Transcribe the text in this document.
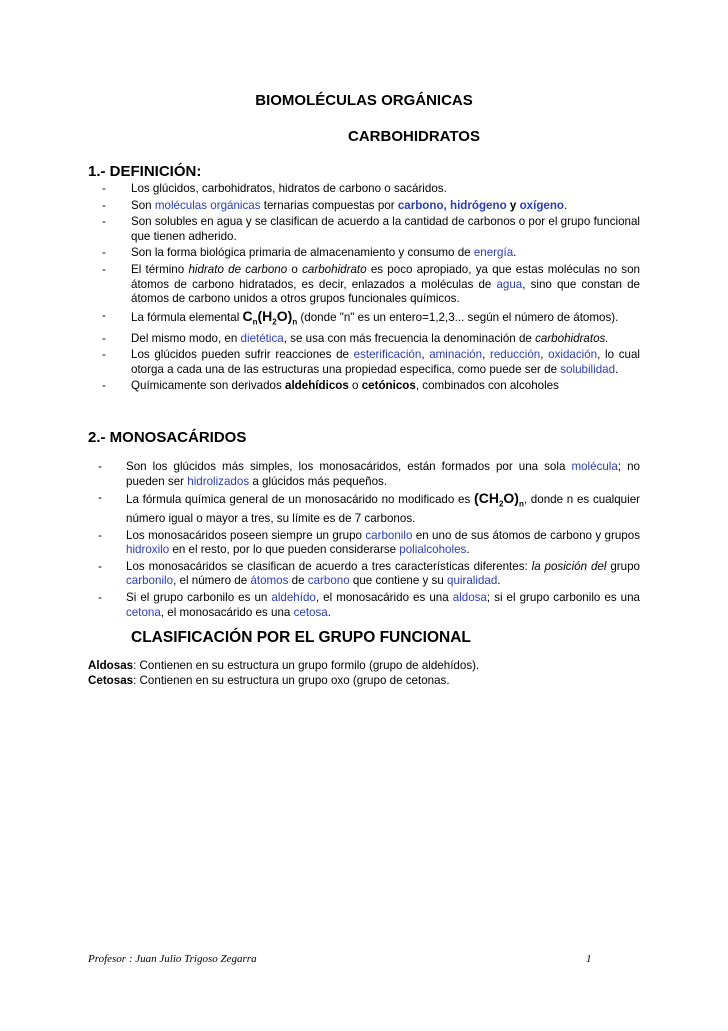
BIOMOLÉCULAS ORGÁNICAS
CARBOHIDRATOS
1.- DEFINICIÓN:
- Los glúcidos, carbohidratos, hidratos de carbono o sacáridos.
- Son moléculas orgánicas ternarias compuestas por carbono, hidrógeno y oxígeno.
- Son solubles en agua y se clasifican de acuerdo a la cantidad de carbonos o por el grupo funcional que tienen adherido.
- Son la forma biológica primaria de almacenamiento y consumo de energía.
- El término hidrato de carbono o carbohidrato es poco apropiado, ya que estas moléculas no son átomos de carbono hidratados, es decir, enlazados a moléculas de agua, sino que constan de átomos de carbono unidos a otros grupos funcionales químicos.
- La fórmula elemental $C_n(H_2O)_n$ (donde "n" es un entero=1,2,3... según el número de átomos).
- Del mismo modo, en dietética, se usa con más frecuencia la denominación de carbohidratos.
- Los glúcidos pueden sufrir reacciones de esterificación, aminación, reducción, oxidación, lo cual otorga a cada una de las estructuras una propiedad especifica, como puede ser de solubilidad.
- Químicamente son derivados aldehídicos o cetónicos, combinados con alcoholes
2.- MONOSACÁRIDOS
- Son los glúcidos más simples, los monosacáridos, están formados por una sola molécula; no pueden ser hidrolizados a glúcidos más pequeños.
- La fórmula química general de un monosacárido no modificado es $(CH_2O)_n$, donde n es cualquier número igual o mayor a tres, su límite es de 7 carbonos.
- Los monosacáridos poseen siempre un grupo carbonilo en uno de sus átomos de carbono y grupos hidroxilo en el resto, por lo que pueden considerarse polialcoholes.
- Los monosacáridos se clasifican de acuerdo a tres características diferentes: la posición del grupo carbonilo, el número de átomos de carbono que contiene y su quiralidad.
- Si el grupo carbonilo es un aldehído, el monosacárido es una aldosa; si el grupo carbonilo es una cetona, el monosacárido es una cetosa.
CLASIFICACIÓN POR EL GRUPO FUNCIONAL
Aldosas: Contienen en su estructura un grupo formilo (grupo de aldehídos).
Cetosas: Contienen en su estructura un grupo oxo (grupo de cetonas.
Profesor : Juan Julio Trigoso Zegarra	1
